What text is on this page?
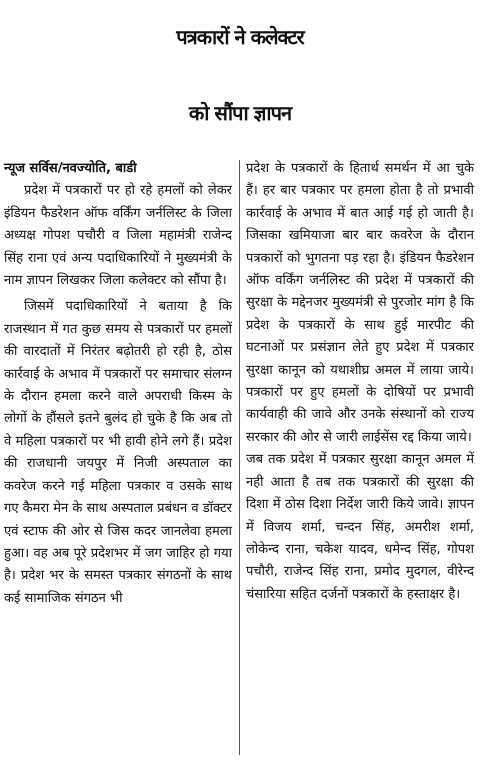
पत्रकारों ने कलेक्टर
को सौंपा ज्ञापन

न्यूज सर्विस/नवज्योति, बाडी

प्रदेश में पत्रकारों पर हो रहे हमलों को लेकर इंडियन फैडरेशन ऑफ वर्किंग जर्नलिस्ट के जिला अध्यक्ष गोपश पचौरी व जिला महामंत्री राजेन्द सिंह राना एवं अन्य पदाधिकारियों ने मुख्यमंत्री के नाम ज्ञापन लिखकर जिला कलेक्टर को सौंपा है।

जिसमें पदाधिकारियों ने बताया है कि राजस्थान में गत कुछ समय से पत्रकारों पर हमलों की वारदातों में निरंतर बढ़ोतरी हो रही है, ठोस कार्रवाई के अभाव में पत्रकारों पर समाचार संलग्न के दौरान हमला करने वाले अपराधी किस्म के लोगों के हौंसले इतने बुलंद हो चुके है कि अब तो वे महिला पत्रकारों पर भी हावी होने लगे हैं। प्रदेश की राजधानी जयपुर में निजी अस्पताल का कवरेज करने गई महिला पत्रकार व उसके साथ गए कैमरा मेन के साथ अस्पताल प्रबंधन व डॉक्टर एवं स्टाफ की ओर से जिस कदर जानलेवा हमला हुआ। वह अब पूरे प्रदेशभर में जग जाहिर हो गया है। प्रदेश भर के समस्त पत्रकार संगठनों के साथ कई सामाजिक संगठन भी

प्रदेश के पत्रकारों के हितार्थ समर्थन में आ चुके हैं। हर बार पत्रकार पर हमला होता है तो प्रभावी कार्रवाई के अभाव में बात आई गई हो जाती है। जिसका खमियाजा बार बार कवरेज के दौरान पत्रकारों को भुगतना पड़ रहा है। इंडियन फैडरेशन ऑफ वर्किंग जर्नलिस्ट की प्रदेश में पत्रकारों की सुरक्षा के मद्देनजर मुख्यमंत्री से पुरजोर मांग है कि प्रदेश के पत्रकारों के साथ हुई मारपीट की घटनाओं पर प्रसंज्ञान लेते हुए प्रदेश में पत्रकार सुरक्षा कानून को यथाशीघ्र अमल में लाया जाये। पत्रकारों पर हुए हमलों के दोषियों पर प्रभावी कार्यवाही की जावे और उनके संस्थानों को राज्य सरकार की ओर से जारी लाईसेंस रद्द किया जाये।

जब तक प्रदेश में पत्रकार सुरक्षा कानून अमल में नही आता है तब तक पत्रकारों की सुरक्षा की दिशा में ठोस दिशा निर्देश जारी किये जावे। ज्ञापन में विजय शर्मा, चन्दन सिंह, अमरीश शर्मा, लोकेन्द राना, चकेश यादव, धमेन्द सिंह, गोपश पचौरी, राजेन्द सिंह राना, प्रमोद मुदगल, वीरेन्द चंसारिया सहित दर्जनों पत्रकारों के हस्ताक्षर है।
